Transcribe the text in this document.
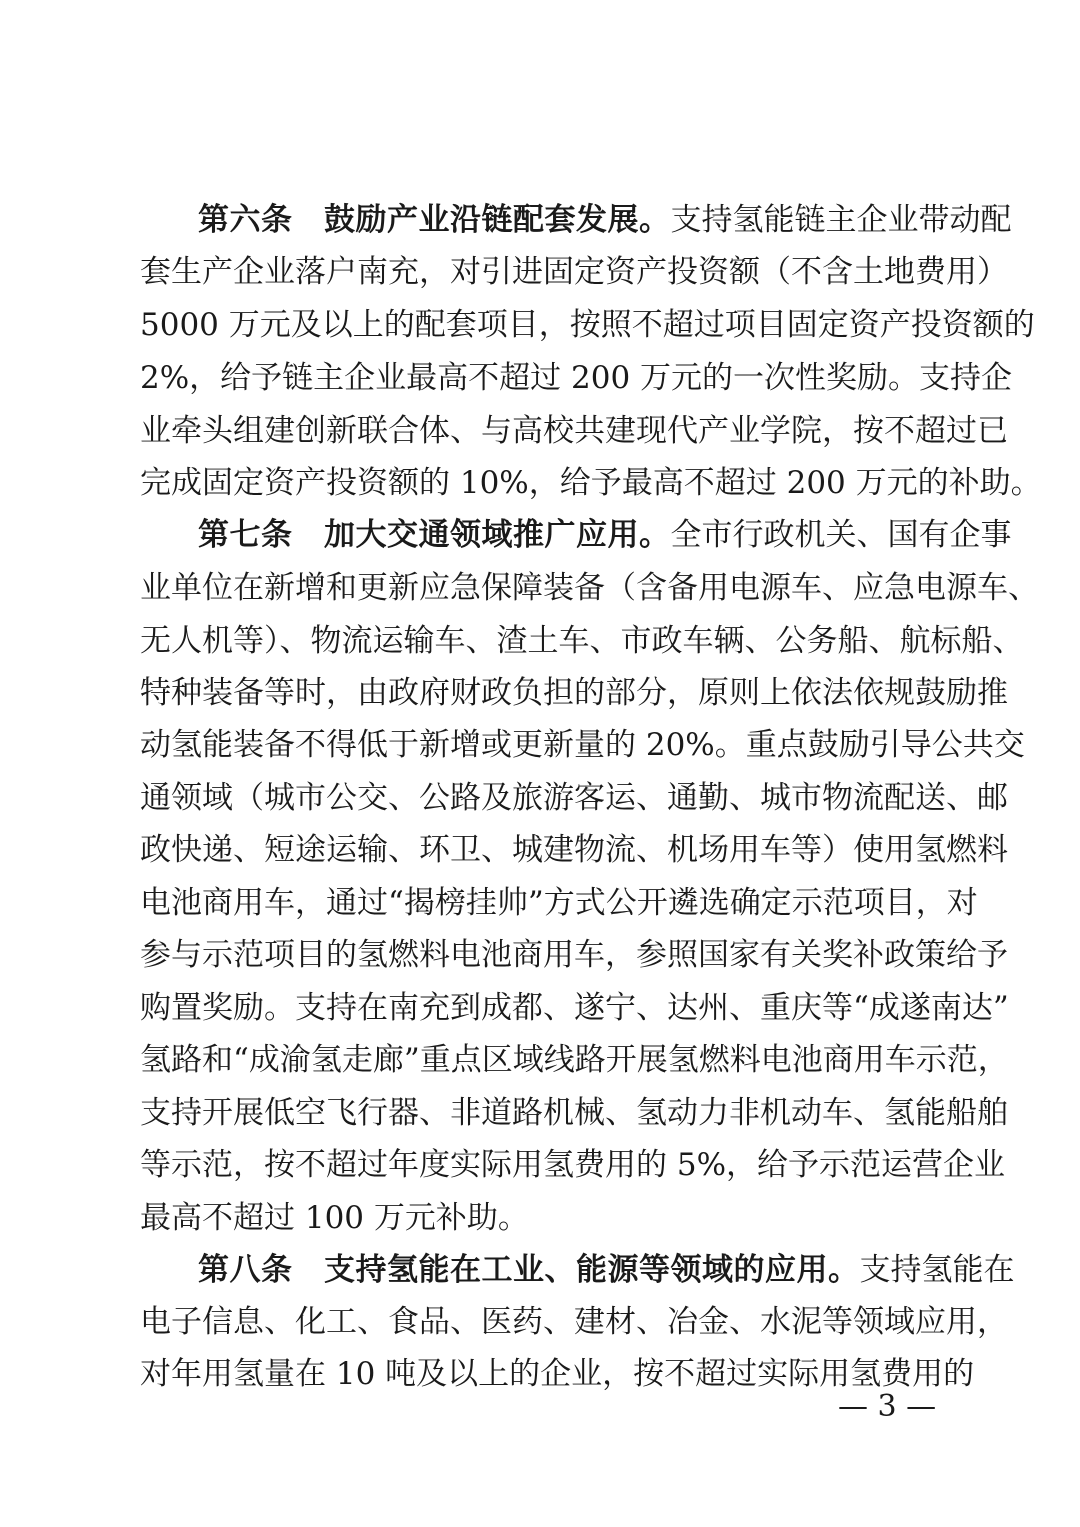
第六条　鼓励产业沿链配套发展。支持氢能链主企业带动配
套生产企业落户南充，对引进固定资产投资额（不含土地费用）
5000 万元及以上的配套项目，按照不超过项目固定资产投资额的
2%，给予链主企业最高不超过 200 万元的一次性奖励。支持企
业牵头组建创新联合体、与高校共建现代产业学院，按不超过已
完成固定资产投资额的 10%，给予最高不超过 200 万元的补助。
第七条　加大交通领域推广应用。全市行政机关、国有企事
业单位在新增和更新应急保障装备（含备用电源车、应急电源车、
无人机等）、物流运输车、渣土车、市政车辆、公务船、航标船、
特种装备等时，由政府财政负担的部分，原则上依法依规鼓励推
动氢能装备不得低于新增或更新量的 20%。重点鼓励引导公共交
通领域（城市公交、公路及旅游客运、通勤、城市物流配送、邮
政快递、短途运输、环卫、城建物流、机场用车等）使用氢燃料
电池商用车，通过“揭榜挂帅”方式公开遴选确定示范项目，对
参与示范项目的氢燃料电池商用车，参照国家有关奖补政策给予
购置奖励。支持在南充到成都、遂宁、达州、重庆等“成遂南达”
氢路和“成渝氢走廊”重点区域线路开展氢燃料电池商用车示范，
支持开展低空飞行器、非道路机械、氢动力非机动车、氢能船舶
等示范，按不超过年度实际用氢费用的 5%，给予示范运营企业
最高不超过 100 万元补助。
第八条　支持氢能在工业、能源等领域的应用。支持氢能在
电子信息、化工、食品、医药、建材、冶金、水泥等领域应用，
对年用氢量在 10 吨及以上的企业，按不超过实际用氢费用的
— 3 —
